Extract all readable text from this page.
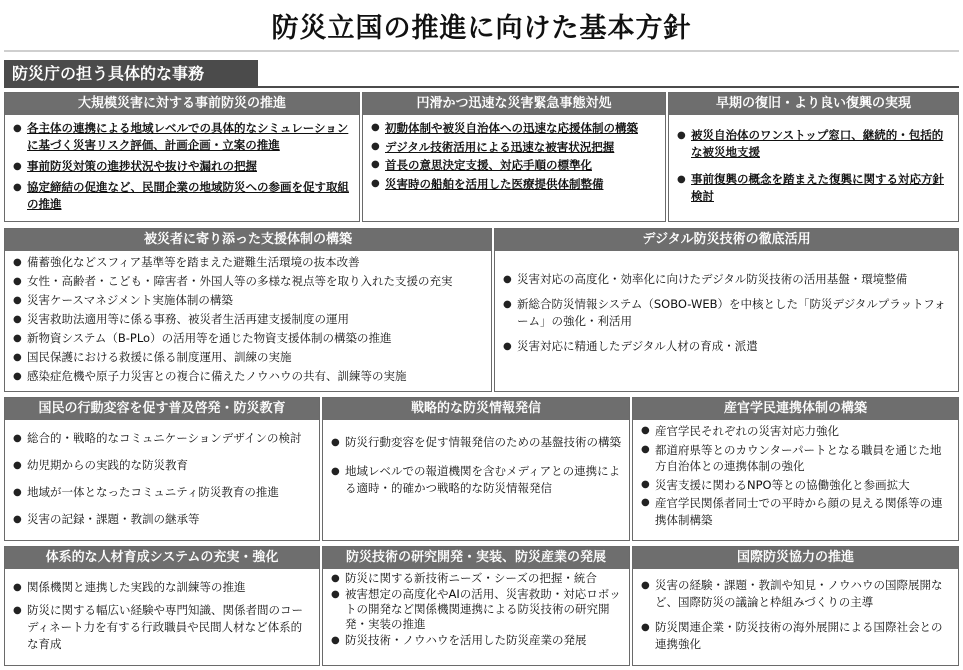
防災立国の推進に向けた基本方針
防災庁の担う具体的な事務
大規模災害に対する事前防災の推進
● 各主体の連携による地域レベルでの具体的なシミュレーションに基づく災害リスク評価、計画企画・立案の推進
● 事前防災対策の進捗状況や抜けや漏れの把握
● 協定締結の促進など、民間企業の地域防災への参画を促す取組の推進
円滑かつ迅速な災害緊急事態対処
● 初動体制や被災自治体への迅速な応援体制の構築
● デジタル技術活用による迅速な被害状況把握
● 首長の意思決定支援、対応手順の標準化
● 災害時の船舶を活用した医療提供体制整備
早期の復旧・より良い復興の実現
● 被災自治体のワンストップ窓口、継続的・包括的な被災地支援
● 事前復興の概念を踏まえた復興に関する対応方針検討
被災者に寄り添った支援体制の構築
● 備蓄強化などスフィア基準等を踏まえた避難生活環境の抜本改善
● 女性・高齢者・こども・障害者・外国人等の多様な視点等を取り入れた支援の充実
● 災害ケースマネジメント実施体制の構築
● 災害救助法適用等に係る事務、被災者生活再建支援制度の運用
● 新物資システム（B-PLo）の活用等を通じた物資支援体制の構築の推進
● 国民保護における救援に係る制度運用、訓練の実施
● 感染症危機や原子力災害との複合に備えたノウハウの共有、訓練等の実施
デジタル防災技術の徹底活用
● 災害対応の高度化・効率化に向けたデジタル防災技術の活用基盤・環境整備
● 新総合防災情報システム（SOBO-WEB）を中核とした「防災デジタルプラットフォーム」の強化・利活用
● 災害対応に精通したデジタル人材の育成・派遣
国民の行動変容を促す普及啓発・防災教育
● 総合的・戦略的なコミュニケーションデザインの検討
● 幼児期からの実践的な防災教育
● 地域が一体となったコミュニティ防災教育の推進
● 災害の記録・課題・教訓の継承等
戦略的な防災情報発信
● 防災行動変容を促す情報発信のための基盤技術の構築
● 地域レベルでの報道機関を含むメディアとの連携による適時・的確かつ戦略的な防災情報発信
産官学民連携体制の構築
● 産官学民それぞれの災害対応力強化
● 都道府県等とのカウンターパートとなる職員を通じた地方自治体との連携体制の強化
● 災害支援に関わるNPO等との協働強化と参画拡大
● 産官学民関係者同士での平時から顔の見える関係等の連携体制構築
体系的な人材育成システムの充実・強化
● 関係機関と連携した実践的な訓練等の推進
● 防災に関する幅広い経験や専門知識、関係者間のコーディネート力を有する行政職員や民間人材など体系的な育成
防災技術の研究開発・実装、防災産業の発展
● 防災に関する新技術ニーズ・シーズの把握・統合
● 被害想定の高度化やAIの活用、災害救助・対応ロボットの開発など関係機関連携による防災技術の研究開発・実装の推進
● 防災技術・ノウハウを活用した防災産業の発展
国際防災協力の推進
● 災害の経験・課題・教訓や知見・ノウハウの国際展開など、国際防災の議論と枠組みづくりの主導
● 防災関連企業・防災技術の海外展開による国際社会との連携強化
